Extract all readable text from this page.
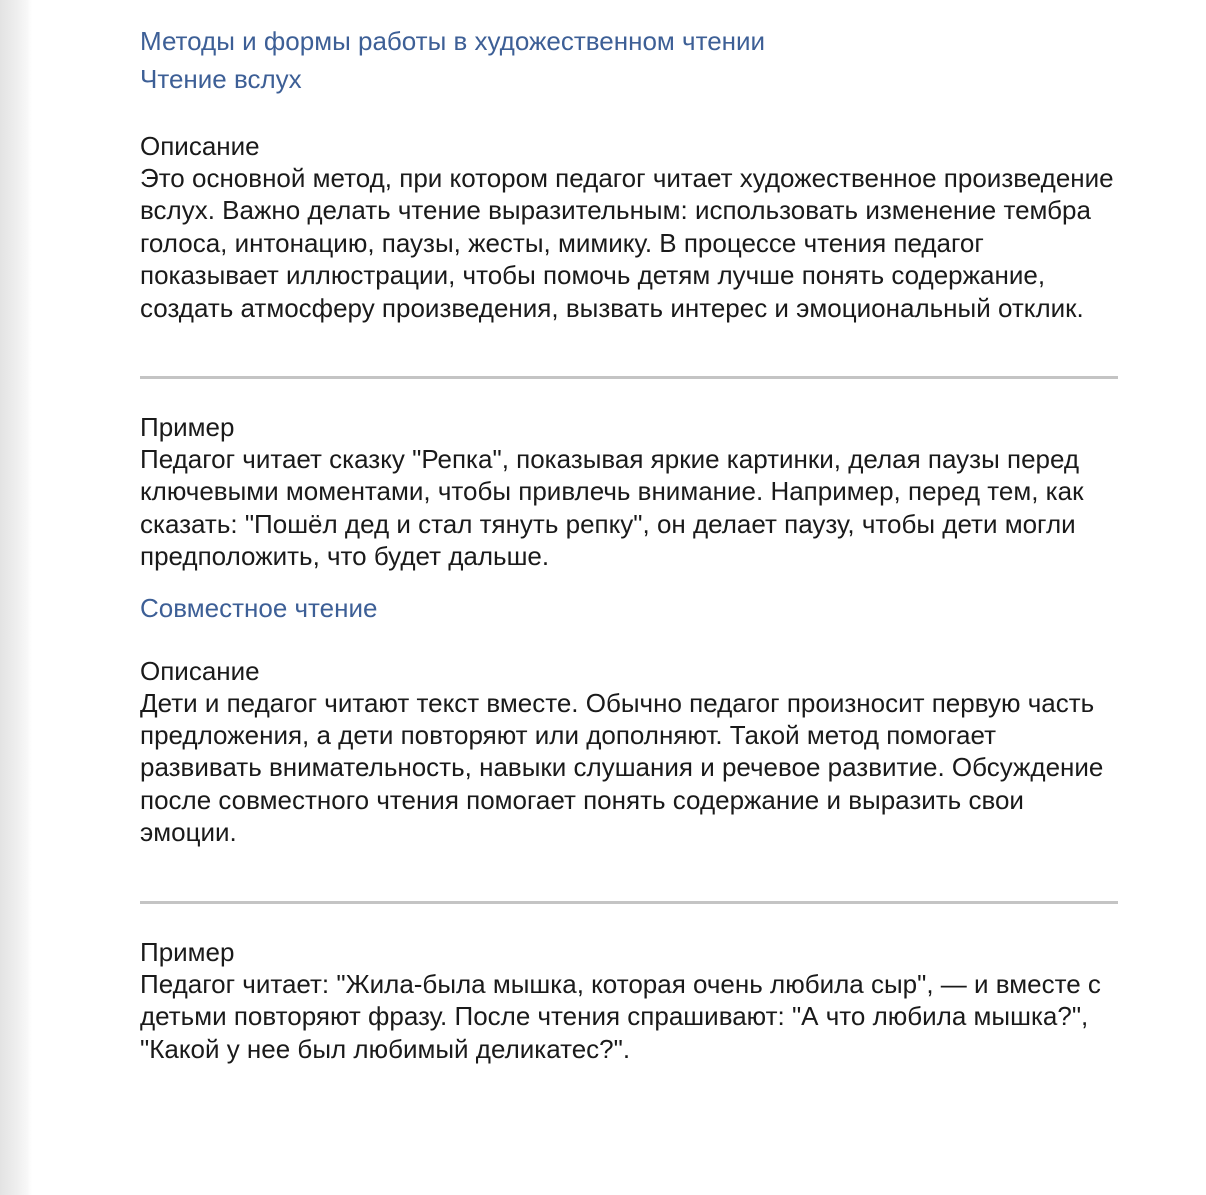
Методы и формы работы в художественном чтении
Чтение вслух

Описание

Это основной метод, при котором педагог читает художественное произведение вслух. Важно делать чтение выразительным: использовать изменение тембра голоса, интонацию, паузы, жесты, мимику. В процессе чтения педагог показывает иллюстрации, чтобы помочь детям лучше понять содержание, создать атмосферу произведения, вызвать интерес и эмоциональный отклик.

Пример

Педагог читает сказку "Репка", показывая яркие картинки, делая паузы перед ключевыми моментами, чтобы привлечь внимание. Например, перед тем, как сказать: "Пошёл дед и стал тянуть репку", он делает паузу, чтобы дети могли предположить, что будет дальше.

Совместное чтение

Описание

Дети и педагог читают текст вместе. Обычно педагог произносит первую часть предложения, а дети повторяют или дополняют. Такой метод помогает развивать внимательность, навыки слушания и речевое развитие. Обсуждение после совместного чтения помогает понять содержание и выразить свои эмоции.

Пример

Педагог читает: "Жила-была мышка, которая очень любила сыр", — и вместе с детьми повторяют фразу. После чтения спрашивают: "А что любила мышка?", "Какой у нее был любимый деликатес?".
